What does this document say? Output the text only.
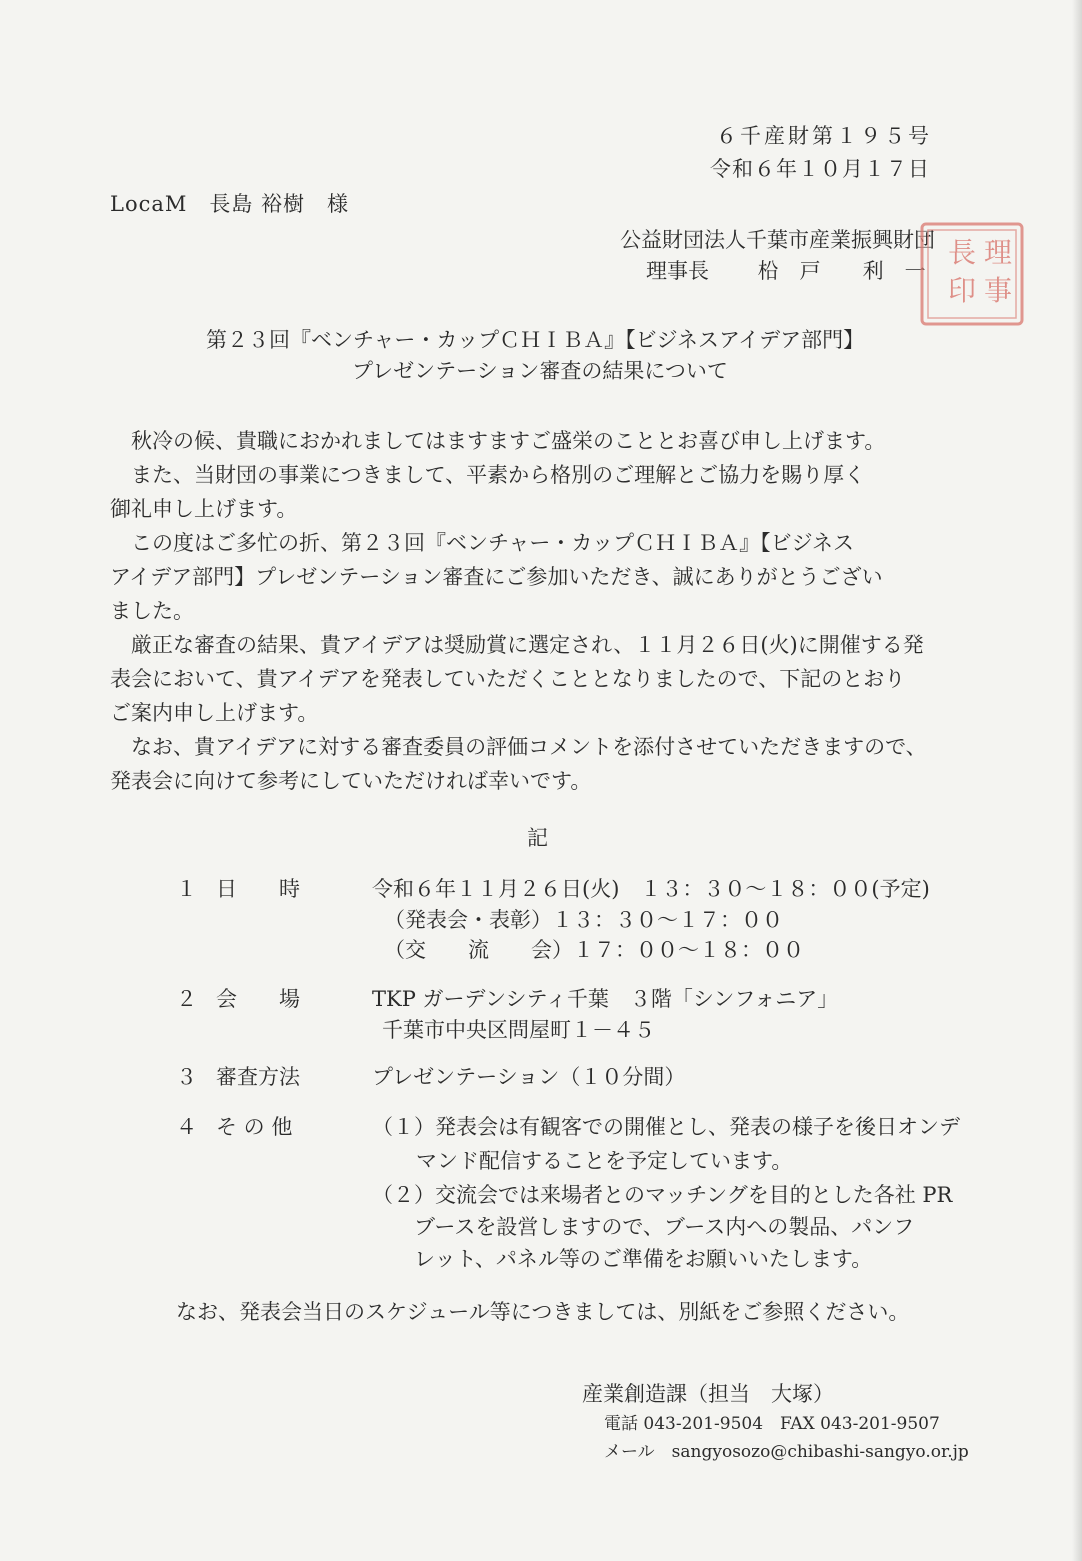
６千産財第１９５号
令和６年１０月１７日
LocaM　長島 裕樹　様
公益財団法人千葉市産業振興財団
理事長　　 柗　戸　　利　一
理
事
長
印
第２３回『ベンチャー・カップＣＨＩＢＡ』【ビジネスアイデア部門】
プレゼンテーション審査の結果について
　秋冷の候、貴職におかれましてはますますご盛栄のこととお喜び申し上げます。
　また、当財団の事業につきまして、平素から格別のご理解とご協力を賜り厚く
御礼申し上げます。
　この度はご多忙の折、第２３回『ベンチャー・カップＣＨＩＢＡ』【ビジネス
アイデア部門】プレゼンテーション審査にご参加いただき、誠にありがとうござい
ました。
　厳正な審査の結果、貴アイデアは奨励賞に選定され、１１月２６日(火)に開催する発
表会において、貴アイデアを発表していただくこととなりましたので、下記のとおり
ご案内申し上げます。
　なお、貴アイデアに対する審査委員の評価コメントを添付させていただきますので、
発表会に向けて参考にしていただければ幸いです。
記
１ 日　　時	令和６年１１月２６日(火)　１３：３０～１８：００(予定)
（発表会・表彰）１３：３０～１７：００
（交　　流　　会）１７：００～１８：００
２ 会　　場	TKP ガーデンシティ千葉　３階「シンフォニア」
千葉市中央区問屋町１－４５
３ 審査方法	プレゼンテーション（１０分間）
４ そ の 他	（１）発表会は有観客での開催とし、発表の様子を後日オンデ
マンド配信することを予定しています。
（２）交流会では来場者とのマッチングを目的とした各社 PR
ブースを設営しますので、ブース内への製品、パンフ
レット、パネル等のご準備をお願いいたします。
なお、発表会当日のスケジュール等につきましては、別紙をご参照ください。
産業創造課（担当　大塚）
電話 043-201-9504　FAX 043-201-9507
メール　sangyosozo@chibashi-sangyo.or.jp
